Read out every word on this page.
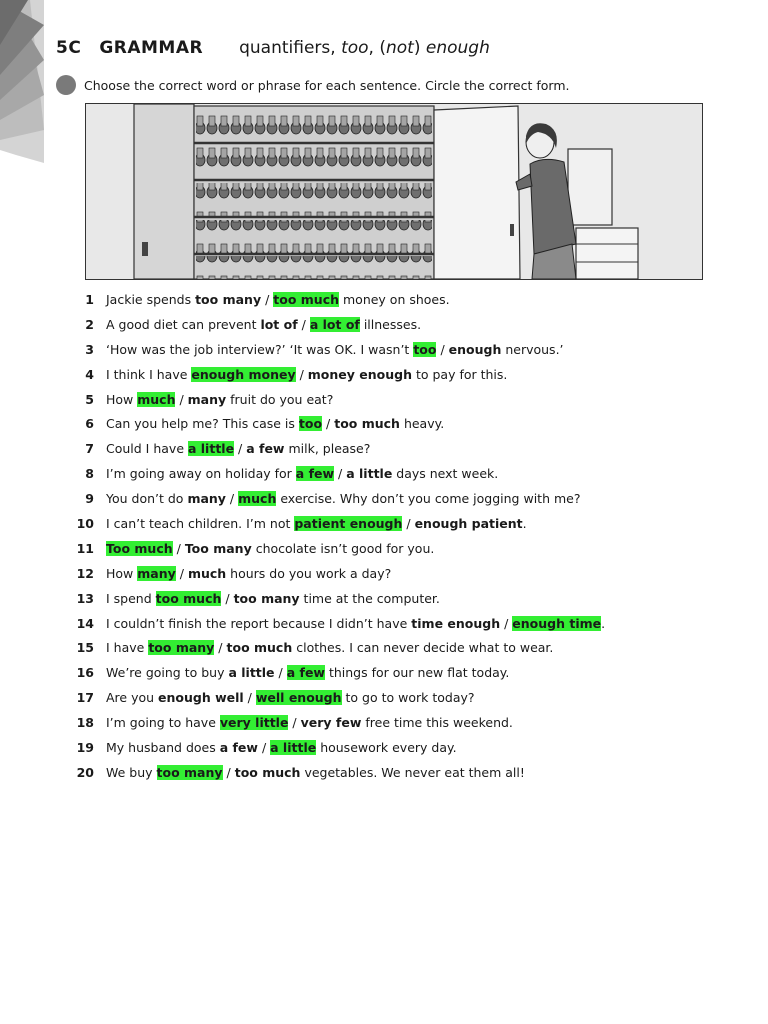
5C GRAMMAR quantifiers, too, (not) enough
Choose the correct word or phrase for each sentence. Circle the correct form.
1 Jackie spends too many / too much money on shoes.
2 A good diet can prevent lot of / a lot of illnesses.
3 ‘How was the job interview?’ ‘It was OK. I wasn’t too / enough nervous.’
4 I think I have enough money / money enough to pay for this.
5 How much / many fruit do you eat?
6 Can you help me? This case is too / too much heavy.
7 Could I have a little / a few milk, please?
8 I’m going away on holiday for a few / a little days next week.
9 You don’t do many / much exercise. Why don’t you come jogging with me?
10 I can’t teach children. I’m not patient enough / enough patient.
11 Too much / Too many chocolate isn’t good for you.
12 How many / much hours do you work a day?
13 I spend too much / too many time at the computer.
14 I couldn’t finish the report because I didn’t have time enough / enough time.
15 I have too many / too much clothes. I can never decide what to wear.
16 We’re going to buy a little / a few things for our new flat today.
17 Are you enough well / well enough to go to work today?
18 I’m going to have very little / very few free time this weekend.
19 My husband does a few / a little housework every day.
20 We buy too many / too much vegetables. We never eat them all!
